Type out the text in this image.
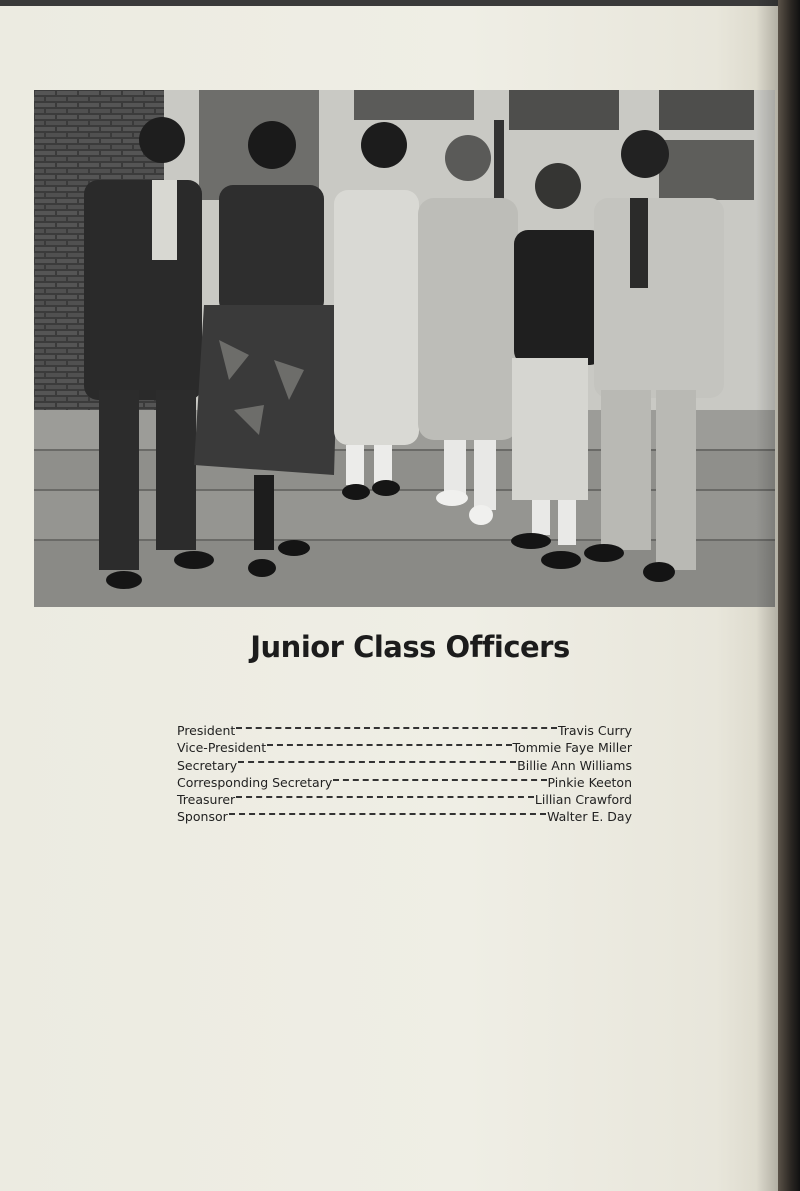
Junior Class Officers
President	Travis Curry
Vice-President	Tommie Faye Miller
Secretary	Billie Ann Williams
Corresponding Secretary	Pinkie Keeton
Treasurer	Lillian Crawford
Sponsor	Walter E. Day
